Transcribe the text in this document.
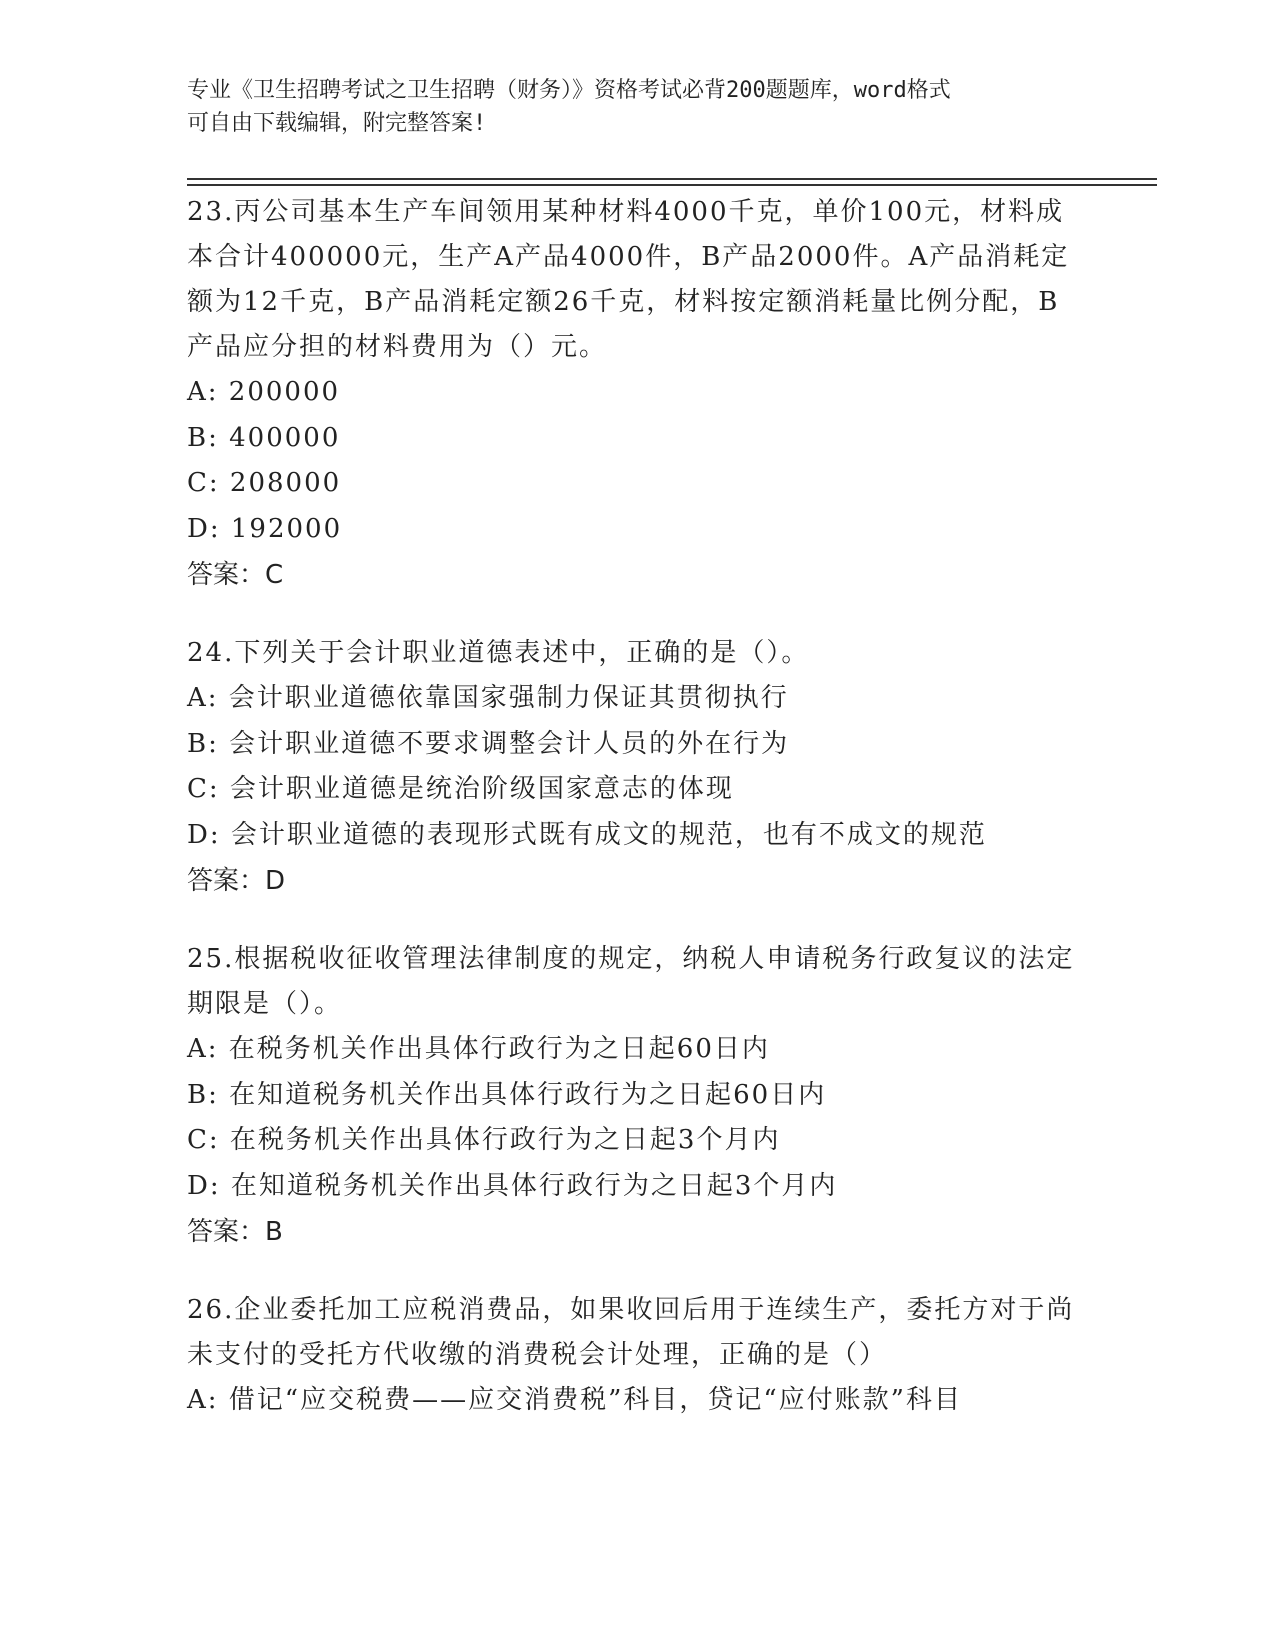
专业《卫生招聘考试之卫生招聘（财务）》资格考试必背200题题库，word格式
可自由下载编辑，附完整答案!

23.丙公司基本生产车间领用某种材料4000千克，单价100元，材料成本合计400000元，生产A产品4000件，B产品2000件。A产品消耗定额为12千克，B产品消耗定额26千克，材料按定额消耗量比例分配，B产品应分担的材料费用为（）元。

A: 200000

B: 400000

C: 208000

D: 192000

答案：C

24.下列关于会计职业道德表述中，正确的是（）。

A: 会计职业道德依靠国家强制力保证其贯彻执行

B: 会计职业道德不要求调整会计人员的外在行为

C: 会计职业道德是统治阶级国家意志的体现

D: 会计职业道德的表现形式既有成文的规范，也有不成文的规范

答案：D

25.根据税收征收管理法律制度的规定，纳税人申请税务行政复议的法定期限是（）。

A: 在税务机关作出具体行政行为之日起60日内

B: 在知道税务机关作出具体行政行为之日起60日内

C: 在税务机关作出具体行政行为之日起3个月内

D: 在知道税务机关作出具体行政行为之日起3个月内

答案：B

26.企业委托加工应税消费品，如果收回后用于连续生产，委托方对于尚未支付的受托方代收缴的消费税会计处理，正确的是（）

A: 借记“应交税费——应交消费税”科目，贷记“应付账款”科目
